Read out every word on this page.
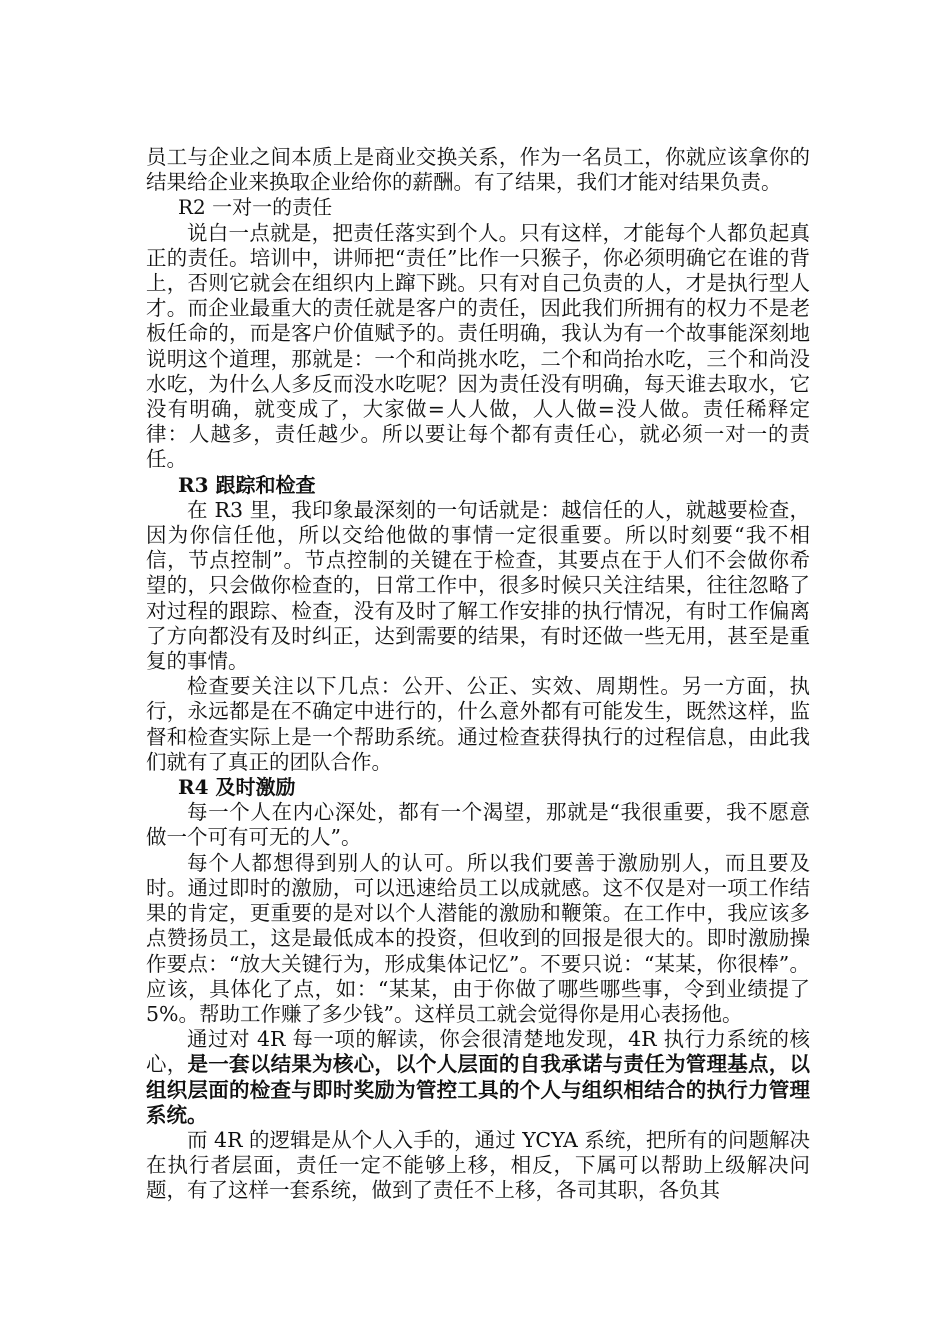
员工与企业之间本质上是商业交换关系，作为一名员工，你就应该拿你的结果给企业来换取企业给你的薪酬。有了结果，我们才能对结果负责。

R2 一对一的责任

说白一点就是，把责任落实到个人。只有这样，才能每个人都负起真正的责任。培训中，讲师把“责任”比作一只猴子，你必须明确它在谁的背上，否则它就会在组织内上蹿下跳。只有对自己负责的人，才是执行型人才。而企业最重大的责任就是客户的责任，因此我们所拥有的权力不是老板任命的，而是客户价值赋予的。责任明确，我认为有一个故事能深刻地说明这个道理，那就是：一个和尚挑水吃，二个和尚抬水吃，三个和尚没水吃，为什么人多反而没水吃呢？因为责任没有明确，每天谁去取水，它没有明确，就变成了，大家做=人人做，人人做=没人做。责任稀释定律：人越多，责任越少。所以要让每个都有责任心，就必须一对一的责任。

R3 跟踪和检查

在 R3 里，我印象最深刻的一句话就是：越信任的人，就越要检查，因为你信任他，所以交给他做的事情一定很重要。所以时刻要“我不相信，节点控制”。节点控制的关键在于检查，其要点在于人们不会做你希望的，只会做你检查的，日常工作中，很多时候只关注结果，往往忽略了对过程的跟踪、检查，没有及时了解工作安排的执行情况，有时工作偏离了方向都没有及时纠正，达到需要的结果，有时还做一些无用，甚至是重复的事情。

检查要关注以下几点：公开、公正、实效、周期性。另一方面，执行，永远都是在不确定中进行的，什么意外都有可能发生，既然这样，监督和检查实际上是一个帮助系统。通过检查获得执行的过程信息，由此我们就有了真正的团队合作。

R4 及时激励

每一个人在内心深处，都有一个渴望，那就是“我很重要，我不愿意做一个可有可无的人”。

每个人都想得到别人的认可。所以我们要善于激励别人，而且要及时。通过即时的激励，可以迅速给员工以成就感。这不仅是对一项工作结果的肯定，更重要的是对以个人潜能的激励和鞭策。在工作中，我应该多点赞扬员工，这是最低成本的投资，但收到的回报是很大的。即时激励操作要点：“放大关键行为，形成集体记忆”。不要只说：“某某，你很棒”。应该，具体化了点，如：“某某，由于你做了哪些哪些事，令到业绩提了 5%。帮助工作赚了多少钱”。这样员工就会觉得你是用心表扬他。

通过对 4R 每一项的解读，你会很清楚地发现，4R 执行力系统的核心，是一套以结果为核心，以个人层面的自我承诺与责任为管理基点，以组织层面的检查与即时奖励为管控工具的个人与组织相结合的执行力管理系统。

而 4R 的逻辑是从个人入手的，通过 YCYA 系统，把所有的问题解决在执行者层面，责任一定不能够上移，相反，下属可以帮助上级解决问题，有了这样一套系统，做到了责任不上移，各司其职，各负其
